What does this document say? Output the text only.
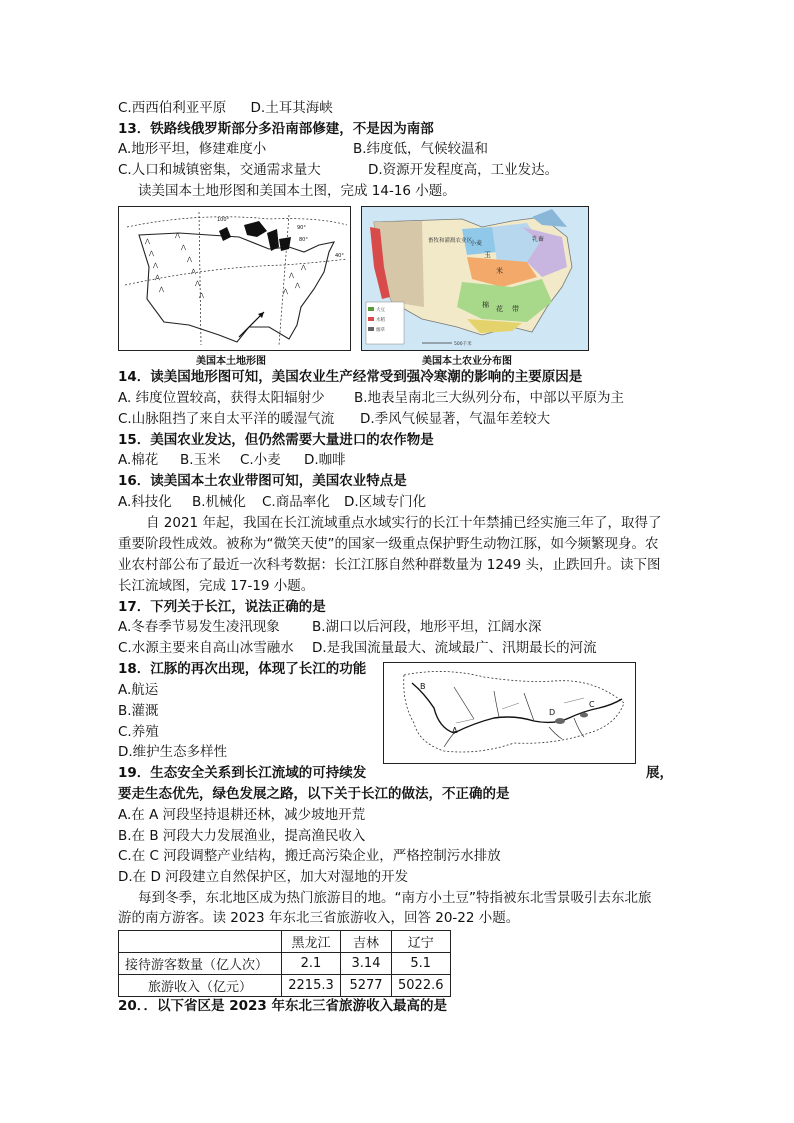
C.西西伯利亚平原 D.土耳其海峡
13．铁路线俄罗斯部分多沿南部修建，不是因为南部
A.地形平坦，修建难度小	B.纬度低，气候较温和
C.人口和城镇密集，交通需求量大	D.资源开发程度高，工业发达。
读美国本土地形图和美国本土图，完成 14-16 小题。
⋀
⋀
⋀
⋀
⋀
⋀
⋀
⋀
⋀
⋀
⋀
⋀
⋀
⋀
⋀
100°
90°
40°
80°
美国本土地形图
畜牧和灌溉农业区	乳畜
玉
米
小麦
棉 花 带
大豆
水稻
烟草
500千米
美国本土农业分布图
14．读美国地形图可知，美国农业生产经常受到强冷寒潮的影响的主要原因是
A. 纬度位置较高，获得太阳辐射少 B.地表呈南北三大纵列分布，中部以平原为主
C.山脉阻挡了来自太平洋的暖湿气流 D.季风气候显著，气温年差较大
15．美国农业发达，但仍然需要大量进口的农作物是
A.棉花 B.玉米 C.小麦 D.咖啡
16．读美国本土农业带图可知，美国农业特点是
A.科技化 B.机械化 C.商品率化 D.区域专门化
自 2021 年起，我国在长江流域重点水域实行的长江十年禁捕已经实施三年了，取得了
重要阶段性成效。被称为“微笑天使”的国家一级重点保护野生动物江豚，如今频繁现身。农
业农村部公布了最近一次科考数据：长江江豚自然种群数量为 1249 头，止跌回升。读下图
长江流域图，完成 17-19 小题。
17．下列关于长江，说法正确的是
A.冬春季节易发生凌汛现象 B.湖口以后河段，地形平坦，江阔水深
C.水源主要来自高山冰雪融水 D.是我国流量最大、流域最广、汛期最长的河流
18．江豚的再次出现，体现了长江的功能
A.航运
B.灌溉
C.养殖
D.维护生态多样性
B
A
D
C
19．生态安全关系到长江流域的可持续发	展，
要走生态优先，绿色发展之路，以下关于长江的做法，不正确的是
A.在 A 河段坚持退耕还林，减少坡地开荒
B.在 B 河段大力发展渔业，提高渔民收入
C.在 C 河段调整产业结构，搬迁高污染企业，严格控制污水排放
D.在 D 河段建立自然保护区，加大对湿地的开发
每到冬季，东北地区成为热门旅游目的地。“南方小土豆”特指被东北雪景吸引去东北旅
游的南方游客。读 2023 年东北三省旅游收入，回答 20-22 小题。
	黑龙江	吉林	辽宁
接待游客数量（亿人次）	2.1	3.14	5.1
旅游收入（亿元）	2215.3	5277	5022.6
20．．以下省区是 2023 年东北三省旅游收入最高的是
